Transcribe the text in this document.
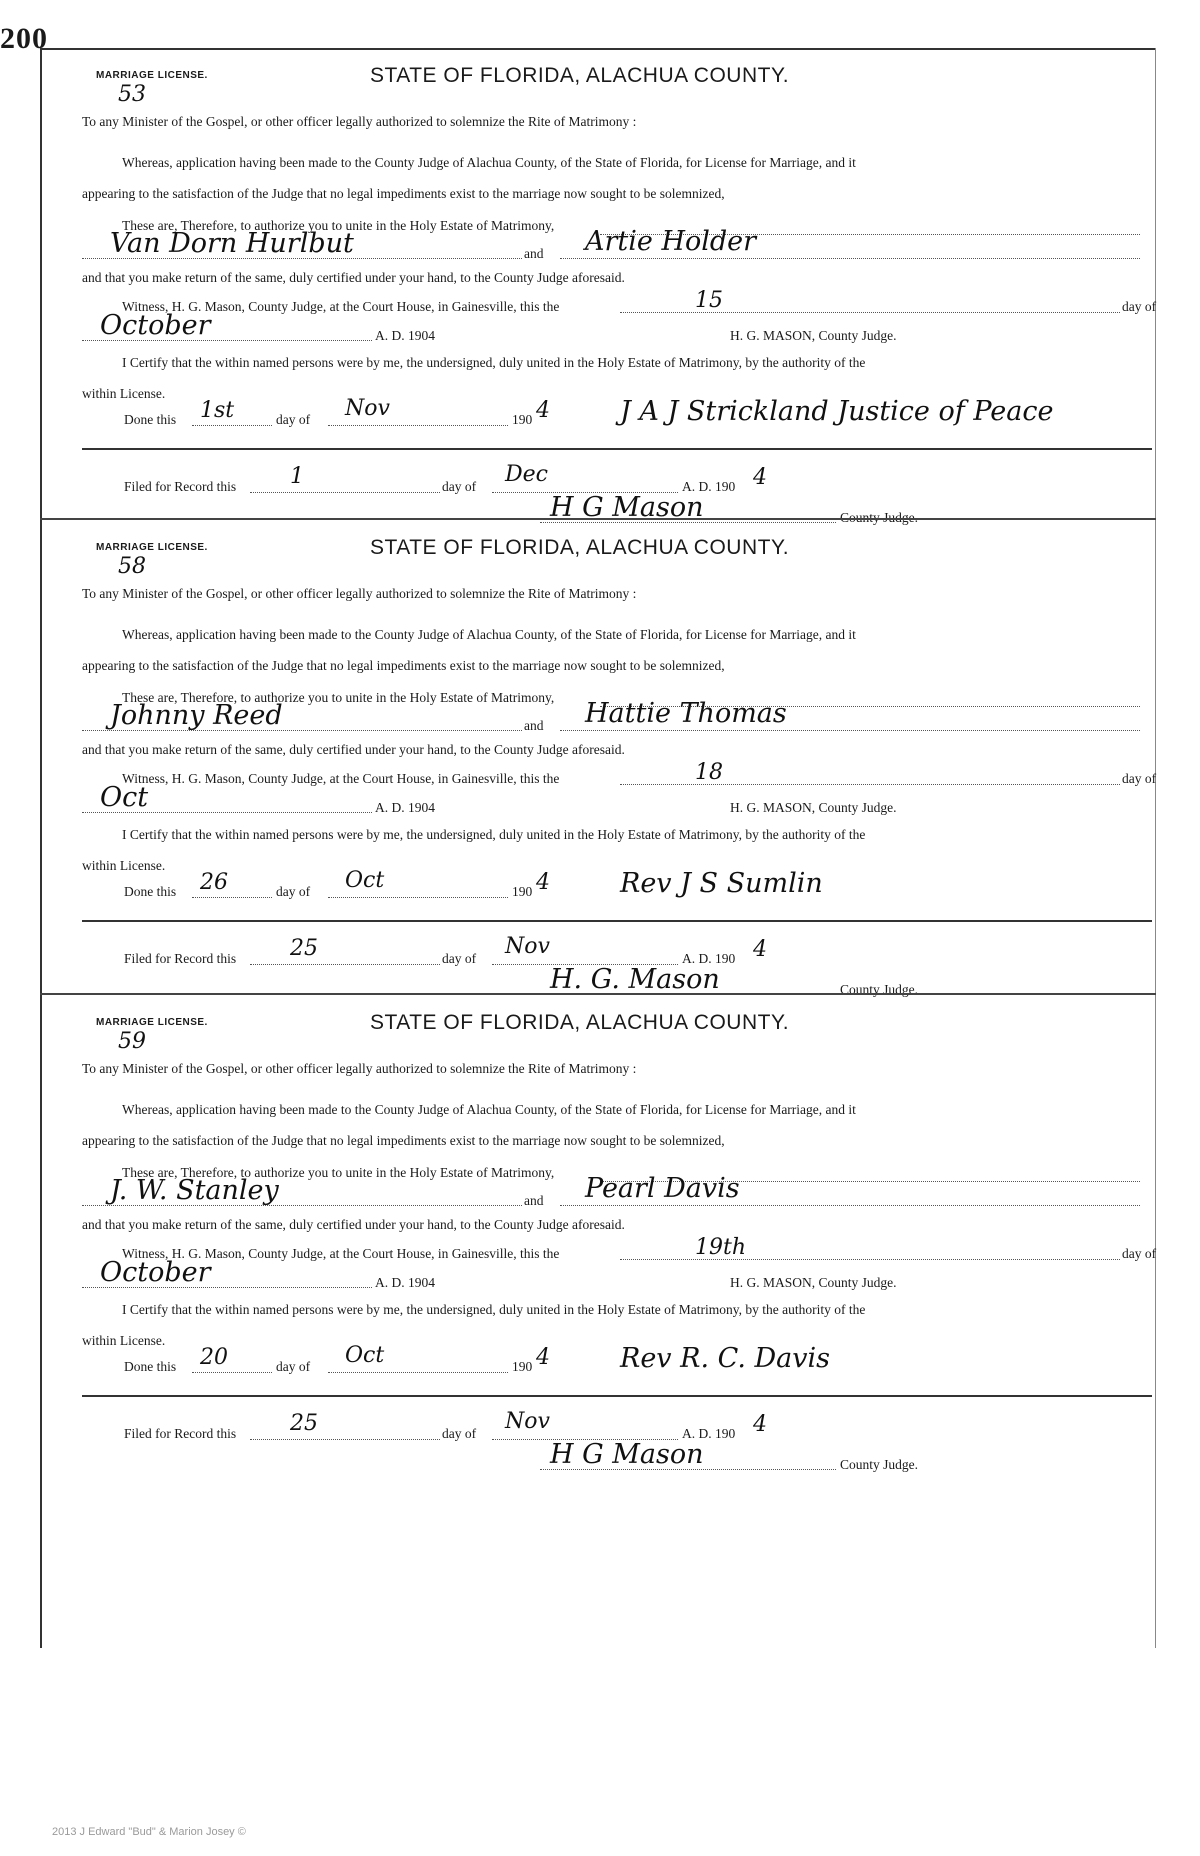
200
MARRIAGE LICENSE.	STATE OF FLORIDA, ALACHUA COUNTY.
53
To any Minister of the Gospel, or other officer legally authorized to solemnize the Rite of Matrimony :
Whereas, application having been made to the County Judge of Alachua County, of the State of Florida, for License for Marriage, and it
appearing to the satisfaction of the Judge that no legal impediments exist to the marriage now sought to be solemnized,
These are, Therefore, to authorize you to unite in the Holy Estate of Matrimony,
Van Dorn Hurlbut	and Artie Holder
and that you make return of the same, duly certified under your hand, to the County Judge aforesaid.
Witness, H. G. Mason, County Judge, at the Court House, in Gainesville, this the	15	day of
October	A. D. 1904	H. G. MASON, County Judge.
I Certify that the within named persons were by me, the undersigned, duly united in the Holy Estate of Matrimony, by the authority of the
within License.
Done this 1st	day of Nov	190 4	J A J Strickland Justice of Peace
Filed for Record this 1	day of Dec	A. D. 190 4
H G Mason	County Judge.
MARRIAGE LICENSE.	STATE OF FLORIDA, ALACHUA COUNTY.
58
To any Minister of the Gospel, or other officer legally authorized to solemnize the Rite of Matrimony :
Whereas, application having been made to the County Judge of Alachua County, of the State of Florida, for License for Marriage, and it
appearing to the satisfaction of the Judge that no legal impediments exist to the marriage now sought to be solemnized,
These are, Therefore, to authorize you to unite in the Holy Estate of Matrimony,
Johnny Reed	and Hattie Thomas
and that you make return of the same, duly certified under your hand, to the County Judge aforesaid.
Witness, H. G. Mason, County Judge, at the Court House, in Gainesville, this the	18	day of
Oct	A. D. 1904	H. G. MASON, County Judge.
I Certify that the within named persons were by me, the undersigned, duly united in the Holy Estate of Matrimony, by the authority of the
within License.
Done this 26	day of Oct	190 4	Rev J S Sumlin
Filed for Record this 25	day of Nov	A. D. 190 4
H. G. Mason	County Judge.
MARRIAGE LICENSE.	STATE OF FLORIDA, ALACHUA COUNTY.
59
To any Minister of the Gospel, or other officer legally authorized to solemnize the Rite of Matrimony :
Whereas, application having been made to the County Judge of Alachua County, of the State of Florida, for License for Marriage, and it
appearing to the satisfaction of the Judge that no legal impediments exist to the marriage now sought to be solemnized,
These are, Therefore, to authorize you to unite in the Holy Estate of Matrimony,
J. W. Stanley	and Pearl Davis
and that you make return of the same, duly certified under your hand, to the County Judge aforesaid.
Witness, H. G. Mason, County Judge, at the Court House, in Gainesville, this the	19th	day of
October	A. D. 1904	H. G. MASON, County Judge.
I Certify that the within named persons were by me, the undersigned, duly united in the Holy Estate of Matrimony, by the authority of the
within License.
Done this 20	day of Oct	190 4	Rev R. C. Davis
Filed for Record this 25	day of Nov	A. D. 190 4
H G Mason	County Judge.
2013 J Edward "Bud" & Marion Josey ©
